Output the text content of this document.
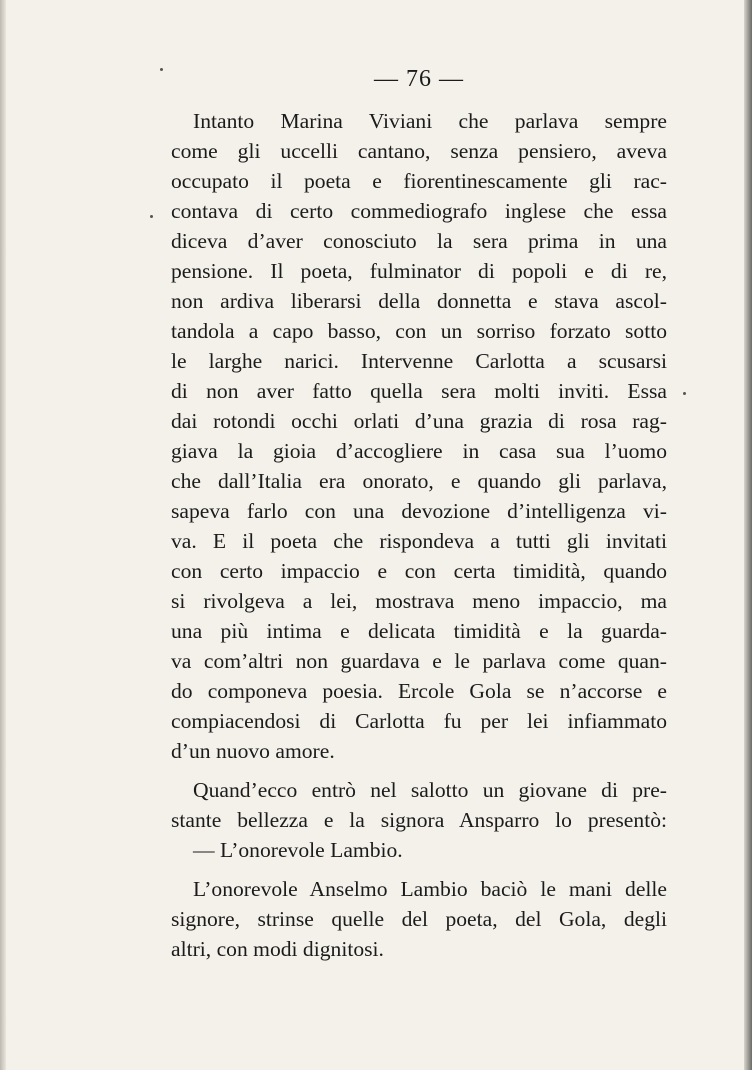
— 76 —
Intanto Marina Viviani che parlava sempre
come gli uccelli cantano, senza pensiero, aveva
occupato il poeta e fiorentinescamente gli rac-
contava di certo commediografo inglese che essa
diceva d’aver conosciuto la sera prima in una
pensione. Il poeta, fulminator di popoli e di re,
non ardiva liberarsi della donnetta e stava ascol-
tandola a capo basso, con un sorriso forzato sotto
le larghe narici. Intervenne Carlotta a scusarsi
di non aver fatto quella sera molti inviti. Essa
dai rotondi occhi orlati d’una grazia di rosa rag-
giava la gioia d’accogliere in casa sua l’uomo
che dall’Italia era onorato, e quando gli parlava,
sapeva farlo con una devozione d’intelligenza vi-
va. E il poeta che rispondeva a tutti gli invitati
con certo impaccio e con certa timidità, quando
si rivolgeva a lei, mostrava meno impaccio, ma
una più intima e delicata timidità e la guarda-
va com’altri non guardava e le parlava come quan-
do componeva poesia. Ercole Gola se n’accorse e
compiacendosi di Carlotta fu per lei infiammato
d’un nuovo amore.
Quand’ecco entrò nel salotto un giovane di pre-
stante bellezza e la signora Ansparro lo presentò:
— L’onorevole Lambio.
L’onorevole Anselmo Lambio baciò le mani delle
signore, strinse quelle del poeta, del Gola, degli
altri, con modi dignitosi.
